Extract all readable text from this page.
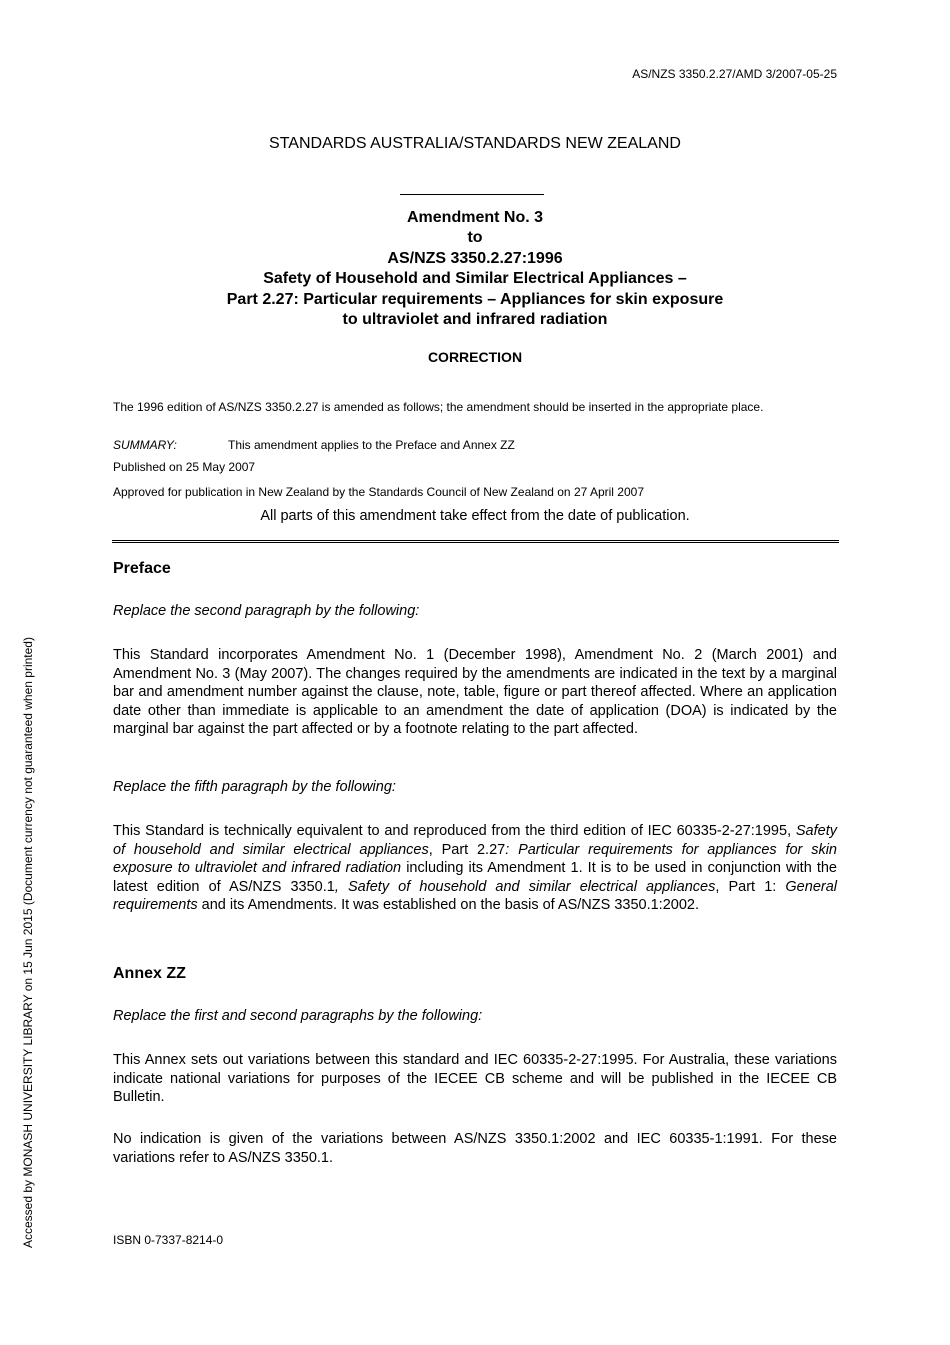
AS/NZS 3350.2.27/AMD 3/2007-05-25
STANDARDS AUSTRALIA/STANDARDS NEW ZEALAND
Amendment No. 3
to
AS/NZS 3350.2.27:1996
Safety of Household and Similar Electrical Appliances –
Part 2.27: Particular requirements – Appliances for skin exposure
to ultraviolet and infrared radiation
CORRECTION
The 1996 edition of AS/NZS 3350.2.27 is amended as follows; the amendment should be inserted in the appropriate place.
SUMMARY:	This amendment applies to the Preface and Annex ZZ
Published on 25 May 2007
Approved for publication in New Zealand by the Standards Council of New Zealand on 27 April 2007
All parts of this amendment take effect from the date of publication.
Preface
Replace the second paragraph by the following:
This Standard incorporates Amendment No. 1 (December 1998), Amendment No. 2 (March 2001) and Amendment No. 3 (May 2007). The changes required by the amendments are indicated in the text by a marginal bar and amendment number against the clause, note, table, figure or part thereof affected. Where an application date other than immediate is applicable to an amendment the date of application (DOA) is indicated by the marginal bar against the part affected or by a footnote relating to the part affected.
Replace the fifth paragraph by the following:
This Standard is technically equivalent to and reproduced from the third edition of IEC 60335-2-27:1995, Safety of household and similar electrical appliances, Part 2.27: Particular requirements for appliances for skin exposure to ultraviolet and infrared radiation including its Amendment 1. It is to be used in conjunction with the latest edition of AS/NZS 3350.1, Safety of household and similar electrical appliances, Part 1: General requirements and its Amendments. It was established on the basis of AS/NZS 3350.1:2002.
Annex ZZ
Replace the first and second paragraphs by the following:
This Annex sets out variations between this standard and IEC 60335-2-27:1995. For Australia, these variations indicate national variations for purposes of the IECEE CB scheme and will be published in the IECEE CB Bulletin.
No indication is given of the variations between AS/NZS 3350.1:2002 and IEC 60335-1:1991. For these variations refer to AS/NZS 3350.1.
ISBN 0-7337-8214-0
Accessed by MONASH UNIVERSITY LIBRARY on 15 Jun 2015 (Document currency not guaranteed when printed)
